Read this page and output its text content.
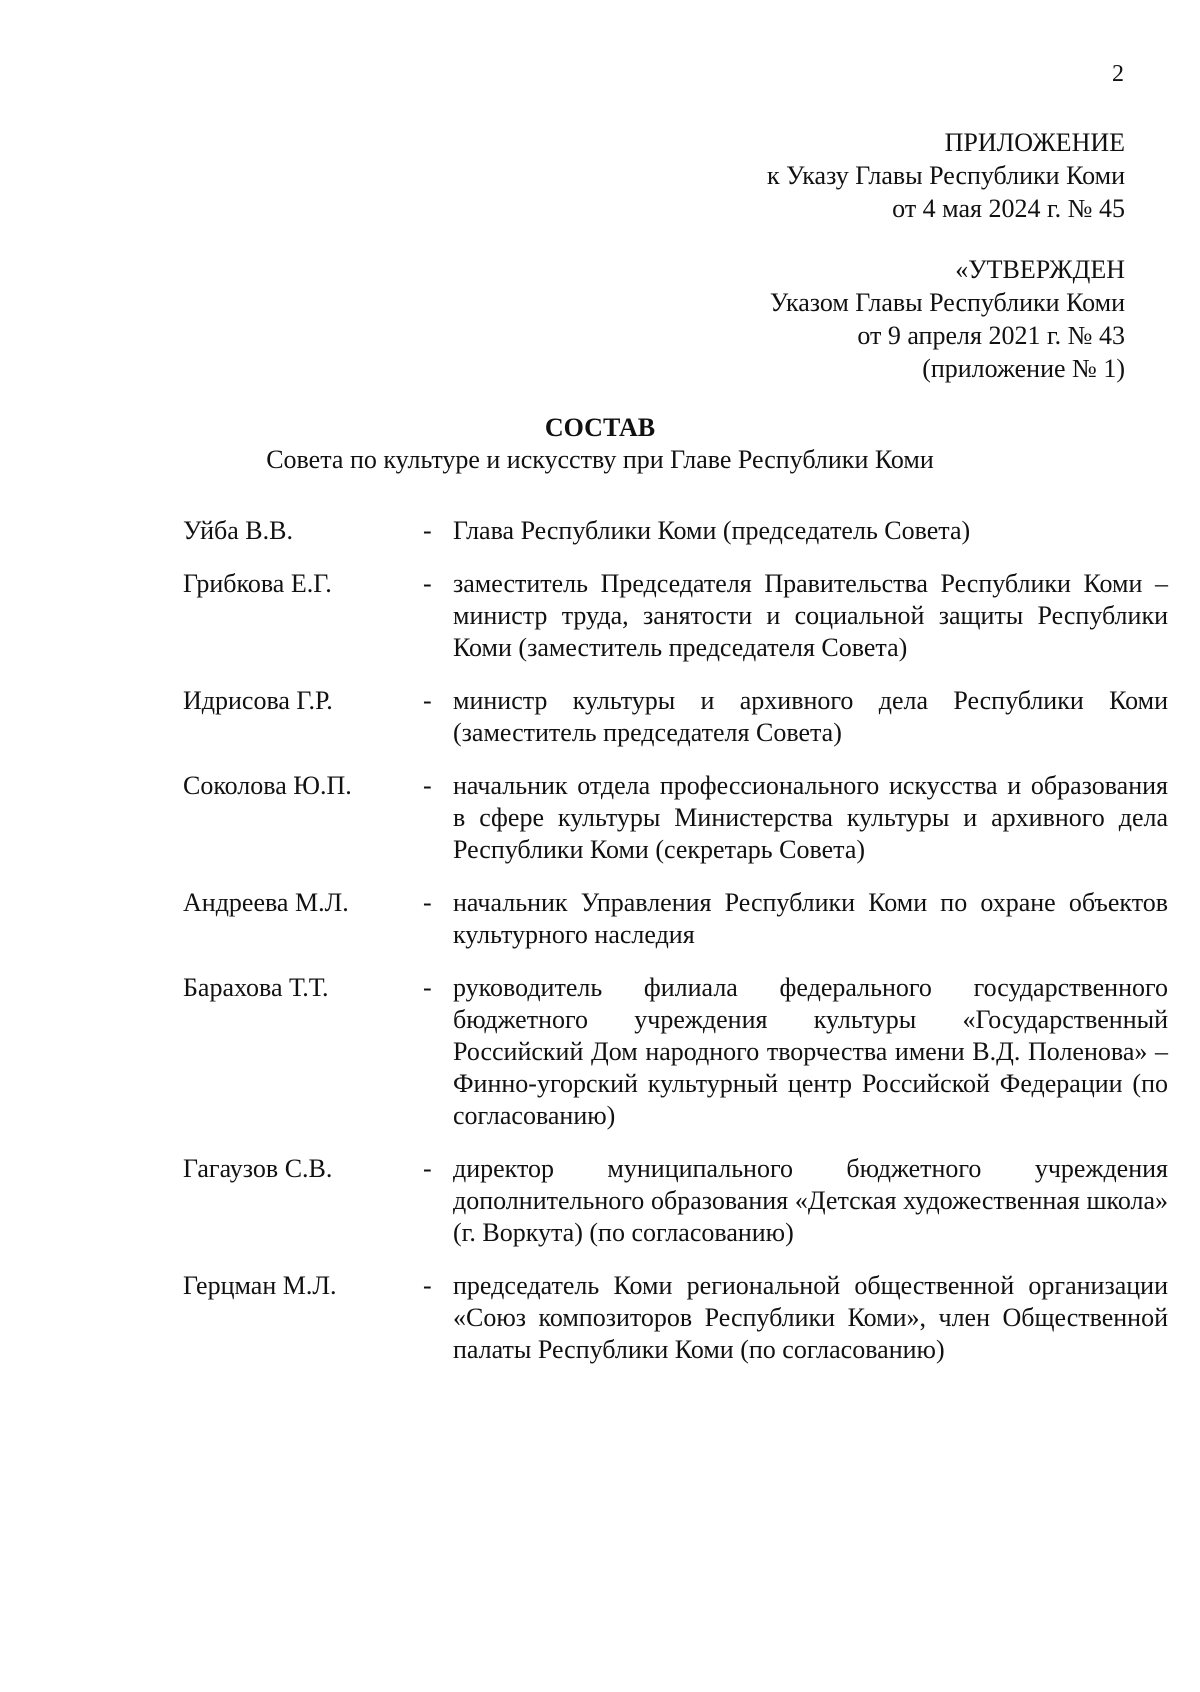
2
ПРИЛОЖЕНИЕ
к Указу Главы Республики Коми
от 4 мая 2024 г. № 45
«УТВЕРЖДЕН
Указом Главы Республики Коми
от 9 апреля 2021 г. № 43
(приложение № 1)
СОСТАВ
Совета по культуре и искусству при Главе Республики Коми
Уйба В.В.	- Глава Республики Коми (председатель Совета)
Грибкова Е.Г.	- заместитель Председателя Правительства Республики Коми – министр труда, занятости и социальной защиты Республики Коми (заместитель председателя Совета)
Идрисова Г.Р.	- министр культуры и архивного дела Республики Коми (заместитель председателя Совета)
Соколова Ю.П.	- начальник отдела профессионального искусства и образования в сфере культуры Министерства культуры и архивного дела Республики Коми (секретарь Совета)
Андреева М.Л.	- начальник Управления Республики Коми по охране объектов культурного наследия
Барахова Т.Т.	- руководитель филиала федерального государственного бюджетного учреждения культуры «Государственный Российский Дом народного творчества имени В.Д. Поленова» – Финно-угорский культурный центр Российской Федерации (по согласованию)
Гагаузов С.В.	- директор муниципального бюджетного учреждения дополнительного образования «Детская художественная школа» (г. Воркута) (по согласованию)
Герцман М.Л.	- председатель Коми региональной общественной организации «Союз композиторов Республики Коми», член Общественной палаты Республики Коми (по согласованию)
